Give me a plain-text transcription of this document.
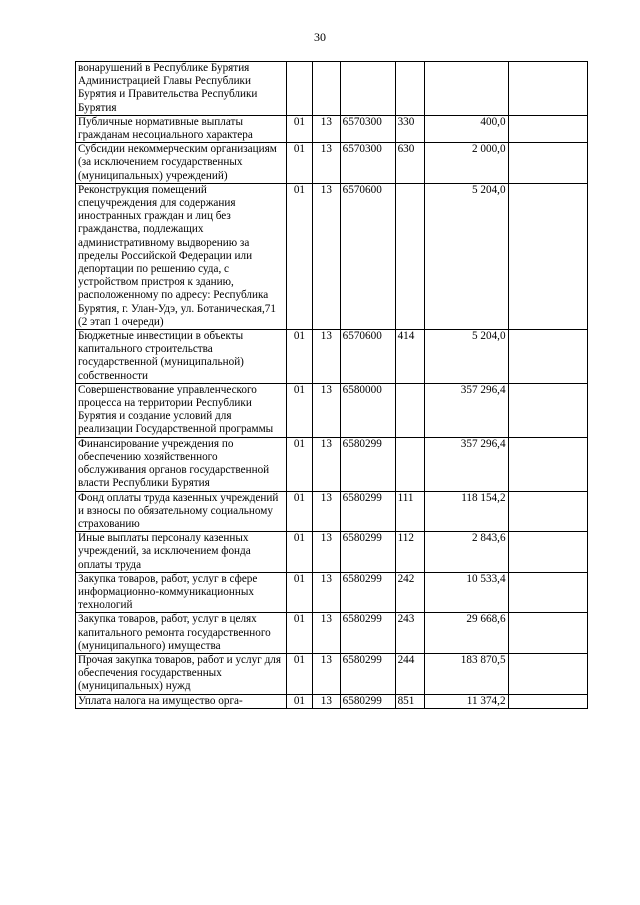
30
вонарушений в Республике Бурятия Администрацией Главы Республики Бурятия и Правительства Республики Бурятия						
Публичные нормативные выплаты гражданам несоциального характера	01	13	6570300	330	400,0	
Субсидии некоммерческим организациям (за исключением государственных (муниципальных) учреждений)	01	13	6570300	630	2 000,0	
Реконструкция помещений спецучреждения для содержания иностранных граждан и лиц без гражданства, подлежащих административному выдворению за пределы Российской Федерации или депортации по решению суда, с устройством пристроя к зданию, расположенному по адресу: Республика Бурятия, г. Улан-Удэ, ул. Ботаническая,71 (2 этап 1 очереди)	01	13	6570600		5 204,0	
Бюджетные инвестиции в объекты капитального строительства государственной (муниципальной) собственности	01	13	6570600	414	5 204,0	
Совершенствование управленческого процесса на территории Республики Бурятия и создание условий для реализации Государственной программы	01	13	6580000		357 296,4	
Финансирование учреждения по обеспечению хозяйственного обслуживания органов государственной власти Республики Бурятия	01	13	6580299		357 296,4	
Фонд оплаты труда казенных учреждений и взносы по обязательному социальному страхованию	01	13	6580299	111	118 154,2	
Иные выплаты персоналу казенных учреждений, за исключением фонда оплаты труда	01	13	6580299	112	2 843,6	
Закупка товаров, работ, услуг в сфере информационно-коммуникационных технологий	01	13	6580299	242	10 533,4	
Закупка товаров, работ, услуг в целях капитального ремонта государственного (муниципального) имущества	01	13	6580299	243	29 668,6	
Прочая закупка товаров, работ и услуг для обеспечения государственных (муниципальных) нужд	01	13	6580299	244	183 870,5	
Уплата налога на имущество орга-	01	13	6580299	851	11 374,2	
